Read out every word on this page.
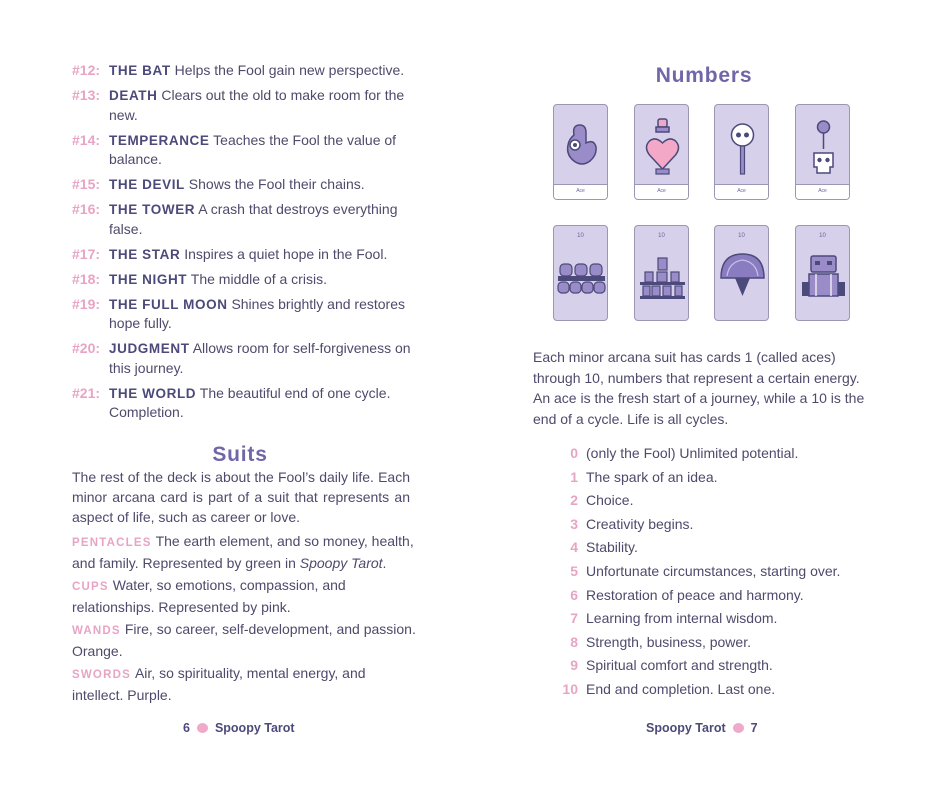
#12: THE BAT Helps the Fool gain new perspective.
#13: DEATH Clears out the old to make room for the new.
#14: TEMPERANCE Teaches the Fool the value of balance.
#15: THE DEVIL Shows the Fool their chains.
#16: THE TOWER A crash that destroys everything false.
#17: THE STAR Inspires a quiet hope in the Fool.
#18: THE NIGHT The middle of a crisis.
#19: THE FULL MOON Shines brightly and restores hope fully.
#20: JUDGMENT Allows room for self-forgiveness on this journey.
#21: THE WORLD The beautiful end of one cycle. Completion.
Suits

The rest of the deck is about the Fool’s daily life. Each minor arcana card is part of a suit that represents an aspect of life, such as career or love.

PENTACLES The earth element, and so money, health, and family. Represented by green in Spoopy Tarot.

CUPS Water, so emotions, compassion, and relationships. Represented by pink.

WANDS Fire, so career, self-development, and passion. Orange.

SWORDS Air, so spirituality, mental energy, and intellect. Purple.

6 Spoopy Tarot
Numbers
Ace	Ace	Ace	Ace
10	10	10	10

Each minor arcana suit has cards 1 (called aces) through 10, numbers that represent a certain energy. An ace is the fresh start of a journey, while a 10 is the end of a cycle. Life is all cycles.

0 (only the Fool) Unlimited potential.
1 The spark of an idea.
2 Choice.
3 Creativity begins.
4 Stability.
5 Unfortunate circumstances, starting over.
6 Restoration of peace and harmony.
7 Learning from internal wisdom.
8 Strength, business, power.
9 Spiritual comfort and strength.
10 End and completion. Last one.
Spoopy Tarot 7
